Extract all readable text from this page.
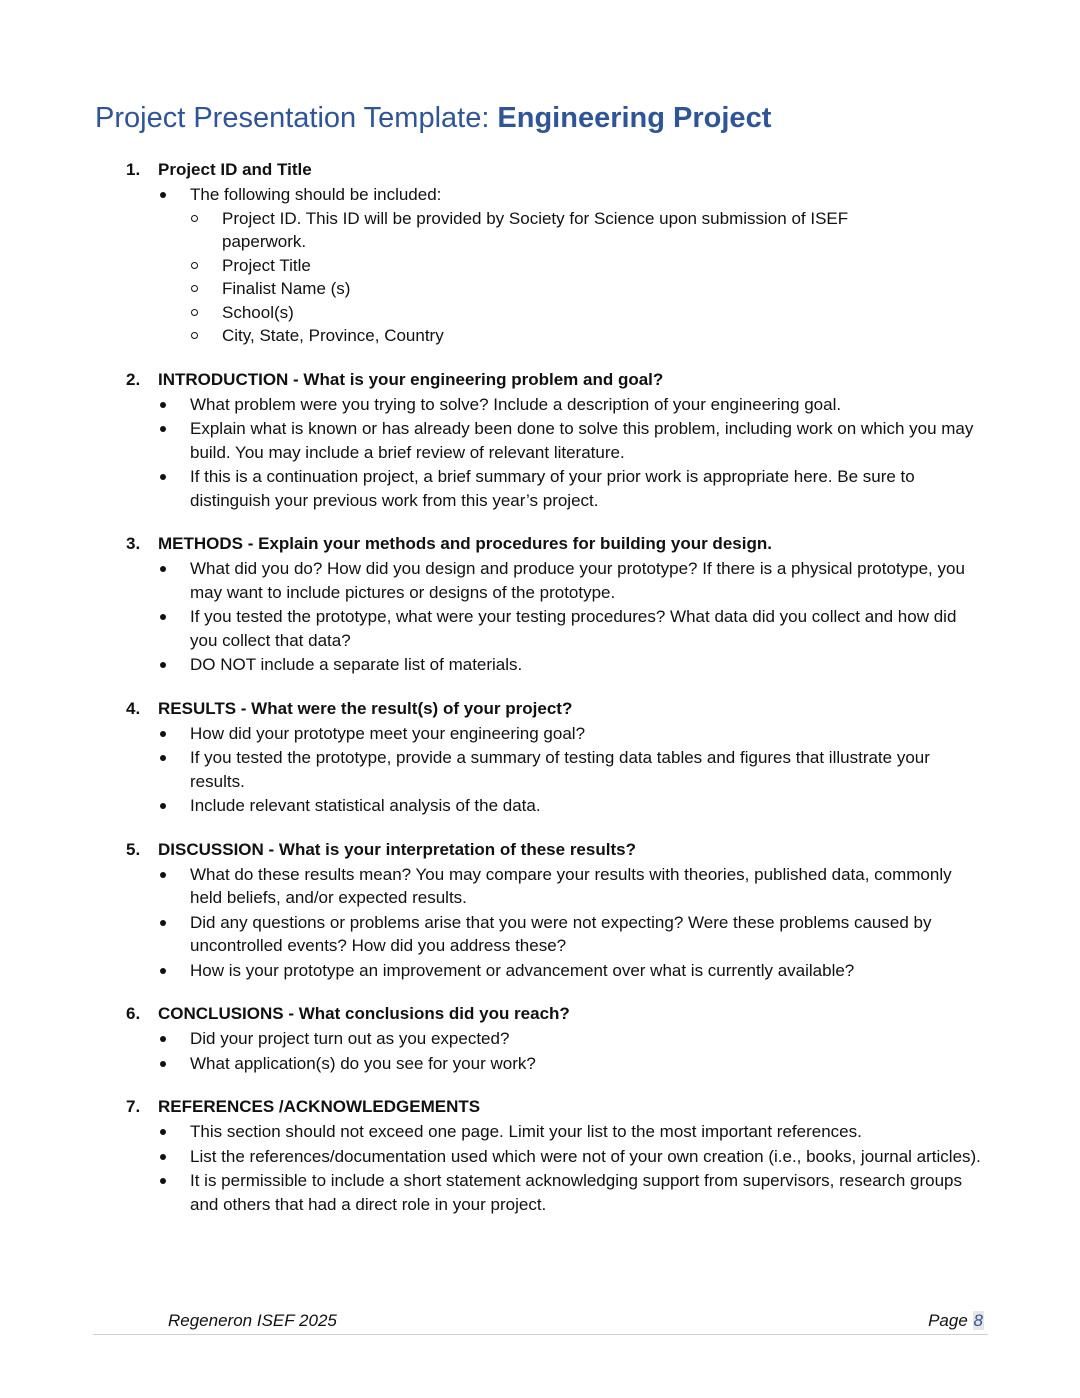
Project Presentation Template: Engineering Project
1. Project ID and Title
The following should be included:
Project ID. This ID will be provided by Society for Science upon submission of ISEF paperwork.
Project Title
Finalist Name (s)
School(s)
City, State, Province, Country
2. INTRODUCTION - What is your engineering problem and goal?
What problem were you trying to solve? Include a description of your engineering goal.
Explain what is known or has already been done to solve this problem, including work on which you may build. You may include a brief review of relevant literature.
If this is a continuation project, a brief summary of your prior work is appropriate here. Be sure to distinguish your previous work from this year’s project.
3. METHODS - Explain your methods and procedures for building your design.
What did you do? How did you design and produce your prototype? If there is a physical prototype, you may want to include pictures or designs of the prototype.
If you tested the prototype, what were your testing procedures? What data did you collect and how did you collect that data?
DO NOT include a separate list of materials.
4. RESULTS - What were the result(s) of your project?
How did your prototype meet your engineering goal?
If you tested the prototype, provide a summary of testing data tables and figures that illustrate your results.
Include relevant statistical analysis of the data.
5. DISCUSSION - What is your interpretation of these results?
What do these results mean? You may compare your results with theories, published data, commonly held beliefs, and/or expected results.
Did any questions or problems arise that you were not expecting? Were these problems caused by uncontrolled events? How did you address these?
How is your prototype an improvement or advancement over what is currently available?
6. CONCLUSIONS - What conclusions did you reach?
Did your project turn out as you expected?
What application(s) do you see for your work?
7. REFERENCES /ACKNOWLEDGEMENTS
This section should not exceed one page. Limit your list to the most important references.
List the references/documentation used which were not of your own creation (i.e., books, journal articles).
It is permissible to include a short statement acknowledging support from supervisors, research groups and others that had a direct role in your project.
Regeneron ISEF 2025	Page 8
